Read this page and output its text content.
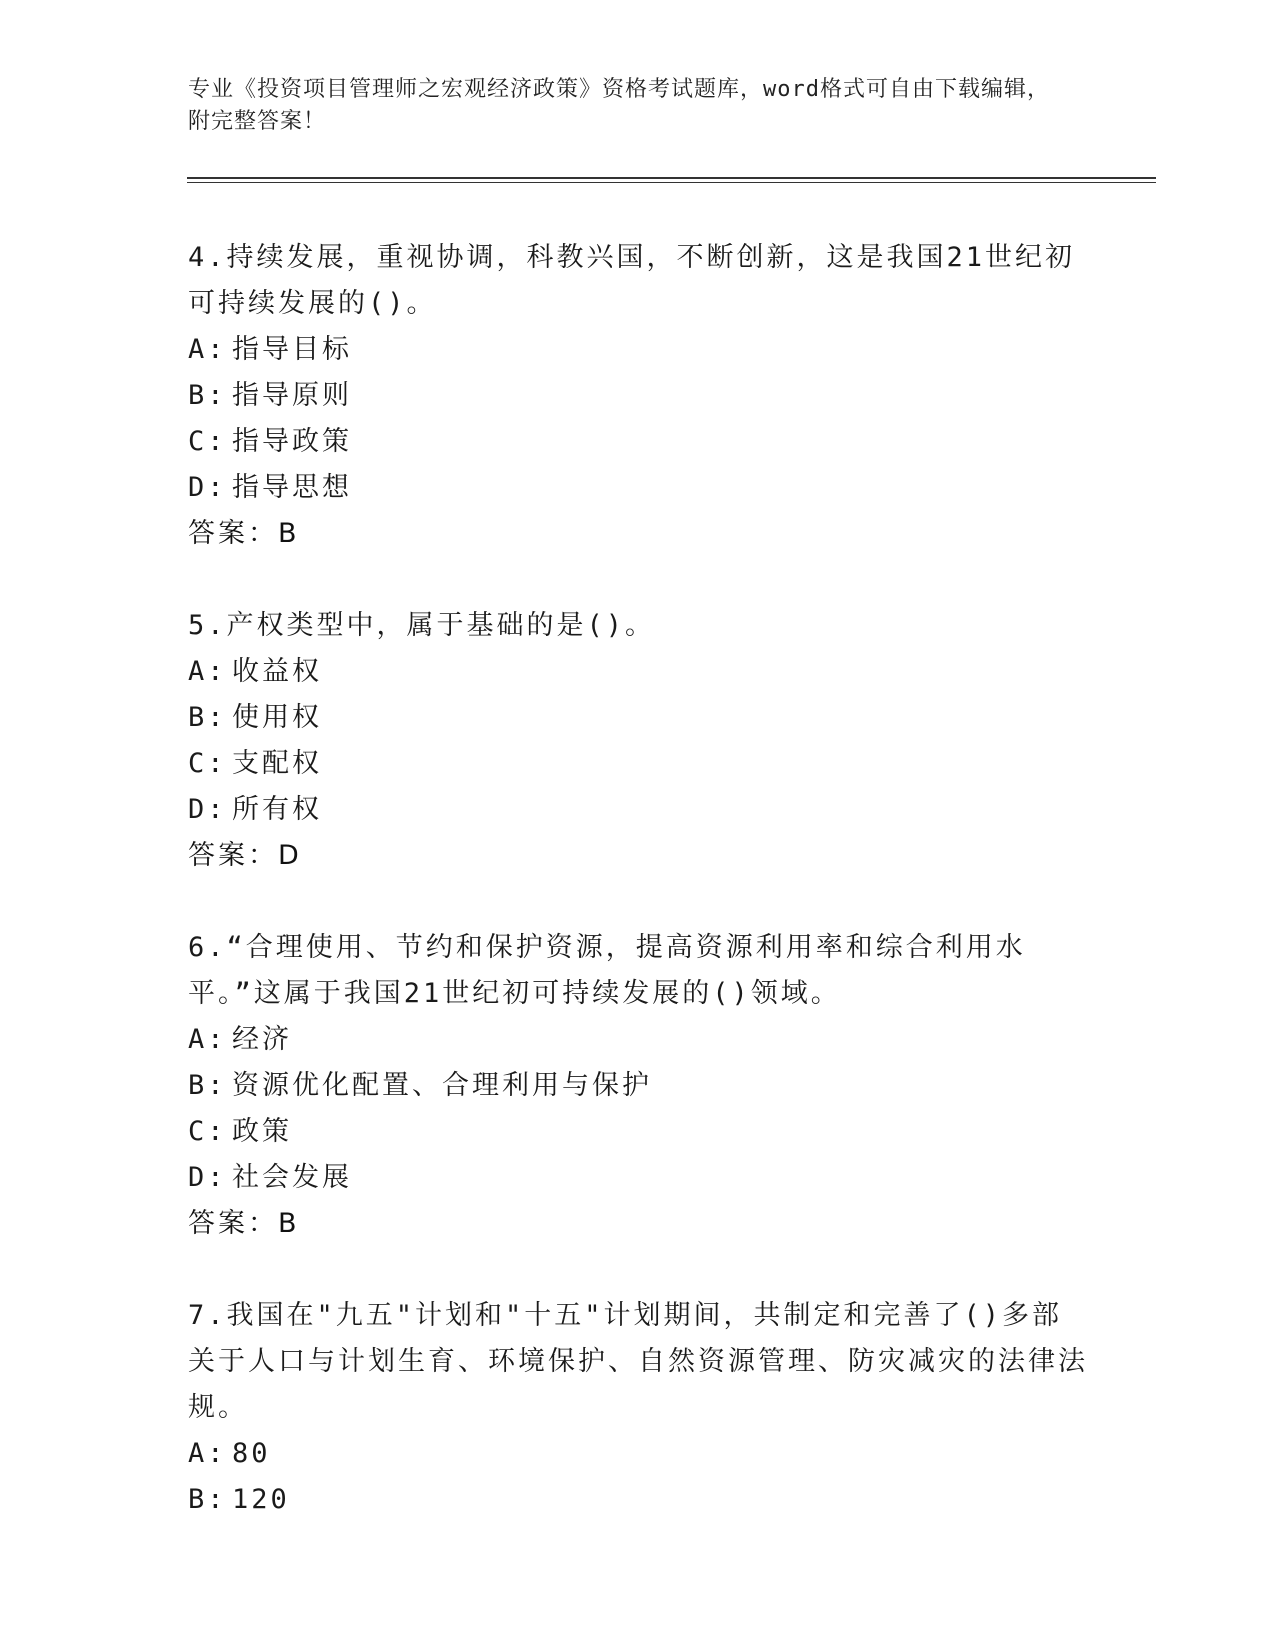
专业《投资项目管理师之宏观经济政策》资格考试题库，word格式可自由下载编辑，附完整答案！

4.持续发展，重视协调，科教兴国，不断创新，这是我国21世纪初可持续发展的()。

A: 指导目标

B: 指导原则

C: 指导政策

D: 指导思想

答案：B

5.产权类型中，属于基础的是()。

A: 收益权

B: 使用权

C: 支配权

D: 所有权

答案：D

6.“合理使用、节约和保护资源，提高资源利用率和综合利用水平。”这属于我国21世纪初可持续发展的()领域。

A: 经济

B: 资源优化配置、合理利用与保护

C: 政策

D: 社会发展

答案：B

7.我国在"九五"计划和"十五"计划期间，共制定和完善了()多部关于人口与计划生育、环境保护、自然资源管理、防灾减灾的法律法规。

A: 80

B: 120
